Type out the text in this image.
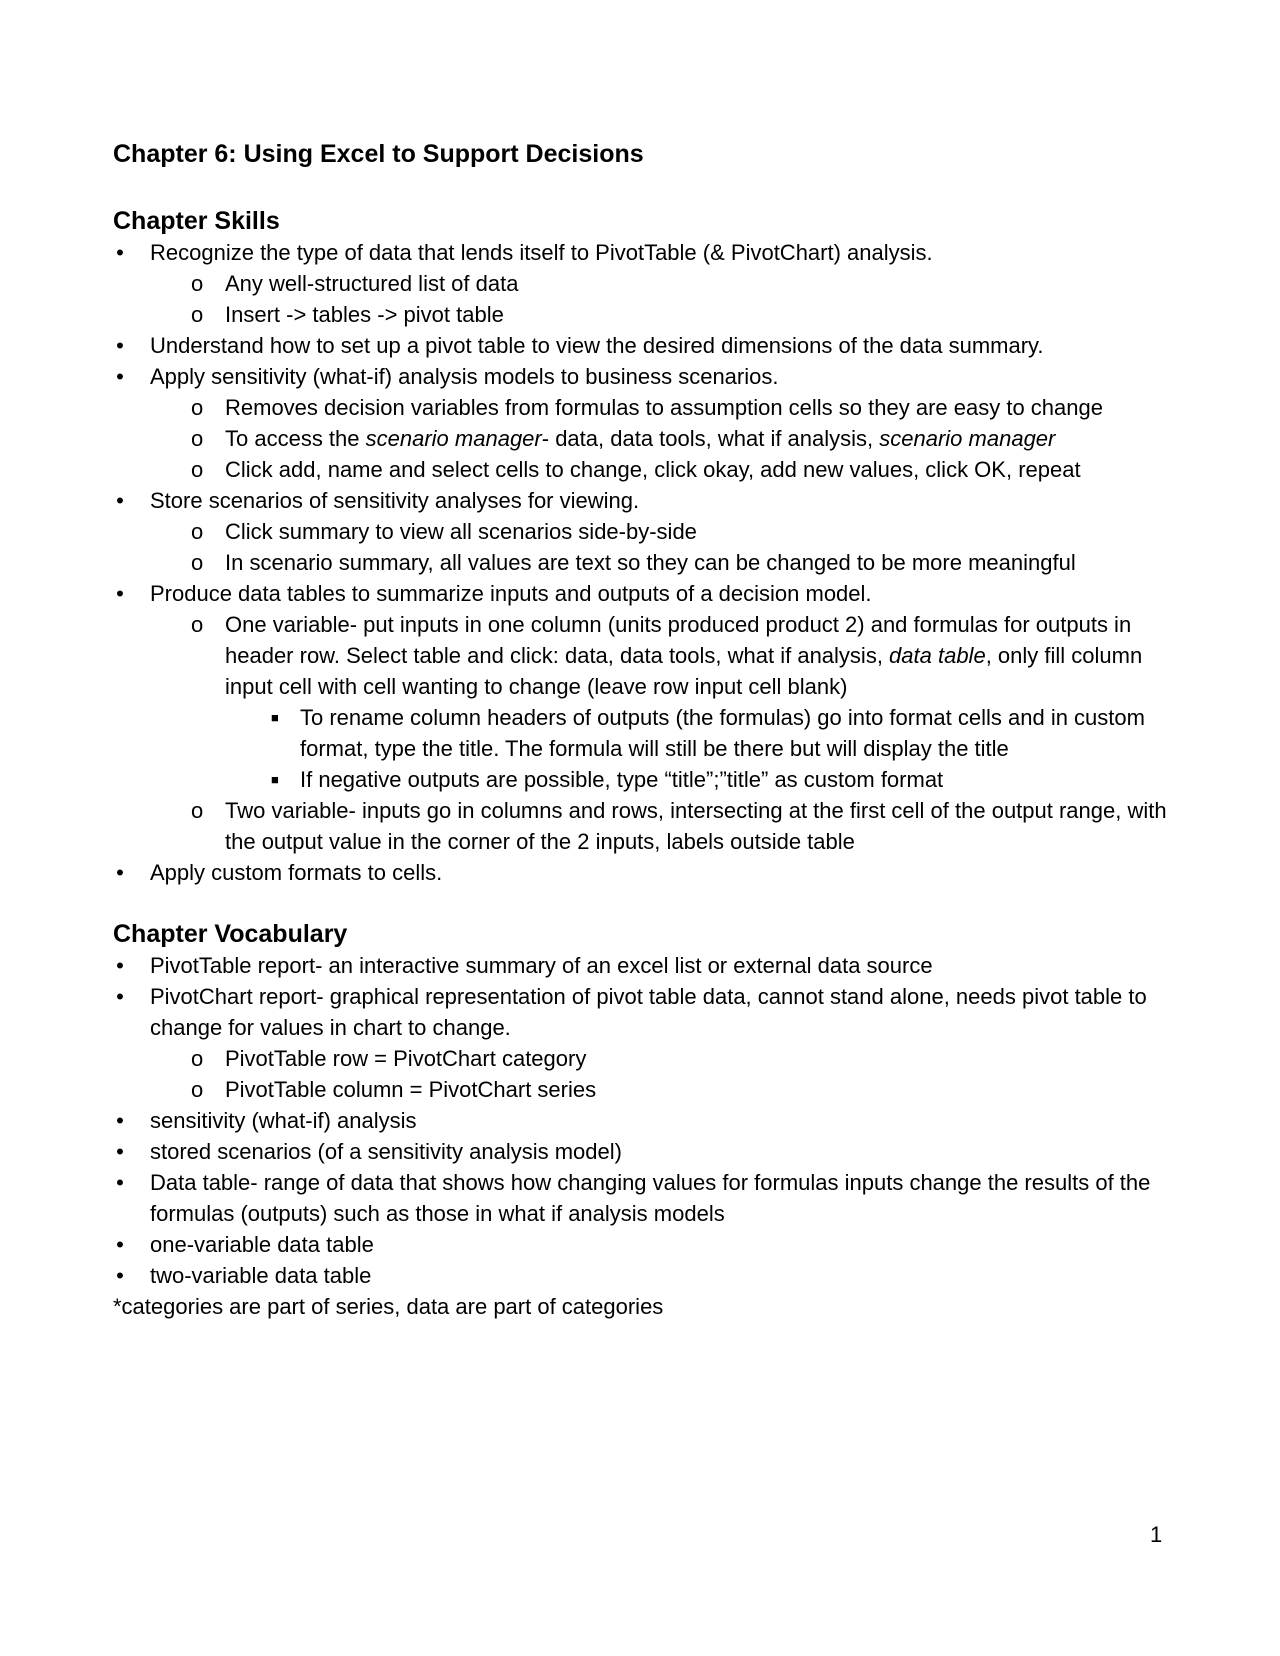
Chapter 6: Using Excel to Support Decisions
Chapter Skills
• Recognize the type of data that lends itself to PivotTable (& PivotChart) analysis.
o Any well-structured list of data
o Insert -> tables -> pivot table
• Understand how to set up a pivot table to view the desired dimensions of the data summary.
• Apply sensitivity (what-if) analysis models to business scenarios.
o Removes decision variables from formulas to assumption cells so they are easy to change
o To access the scenario manager- data, data tools, what if analysis, scenario manager
o Click add, name and select cells to change, click okay, add new values, click OK, repeat
• Store scenarios of sensitivity analyses for viewing.
o Click summary to view all scenarios side-by-side
o In scenario summary, all values are text so they can be changed to be more meaningful
• Produce data tables to summarize inputs and outputs of a decision model.
o One variable- put inputs in one column (units produced product 2) and formulas for outputs in header row. Select table and click: data, data tools, what if analysis, data table, only fill column input cell with cell wanting to change (leave row input cell blank)
■ To rename column headers of outputs (the formulas) go into format cells and in custom format, type the title. The formula will still be there but will display the title
■ If negative outputs are possible, type “title”;”title” as custom format
o Two variable- inputs go in columns and rows, intersecting at the first cell of the output range, with the output value in the corner of the 2 inputs, labels outside table
• Apply custom formats to cells.
Chapter Vocabulary
• PivotTable report- an interactive summary of an excel list or external data source
• PivotChart report- graphical representation of pivot table data, cannot stand alone, needs pivot table to change for values in chart to change.
o PivotTable row = PivotChart category
o PivotTable column = PivotChart series
• sensitivity (what-if) analysis
• stored scenarios (of a sensitivity analysis model)
• Data table- range of data that shows how changing values for formulas inputs change the results of the formulas (outputs) such as those in what if analysis models
• one-variable data table
• two-variable data table

*categories are part of series, data are part of categories

1
